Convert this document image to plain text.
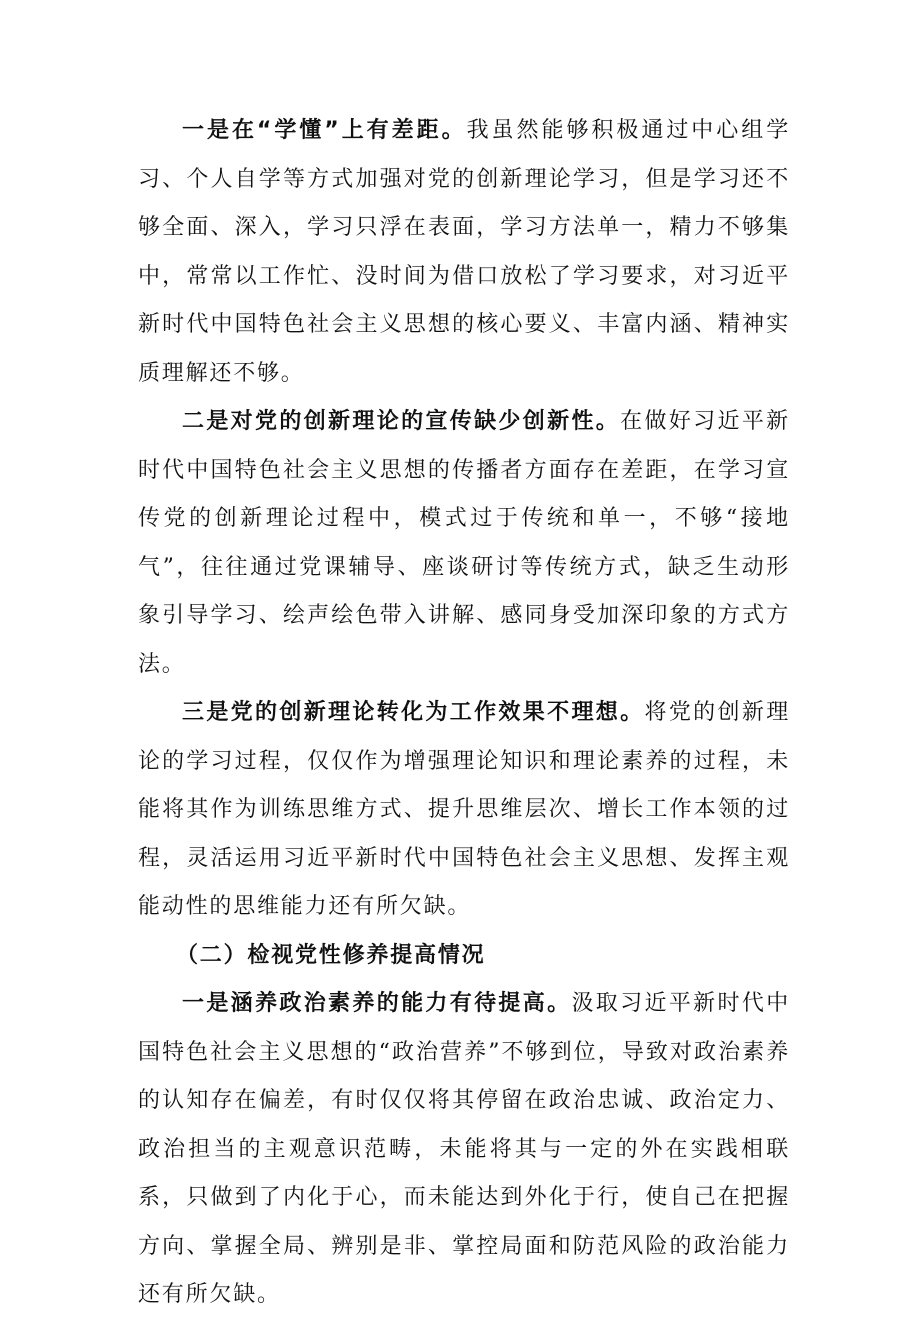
一是在“学懂”上有差距。我虽然能够积极通过中心组学习、个人自学等方式加强对党的创新理论学习，但是学习还不够全面、深入，学习只浮在表面，学习方法单一，精力不够集中，常常以工作忙、没时间为借口放松了学习要求，对习近平新时代中国特色社会主义思想的核心要义、丰富内涵、精神实质理解还不够。

二是对党的创新理论的宣传缺少创新性。在做好习近平新时代中国特色社会主义思想的传播者方面存在差距，在学习宣传党的创新理论过程中，模式过于传统和单一，不够“接地气”，往往通过党课辅导、座谈研讨等传统方式，缺乏生动形象引导学习、绘声绘色带入讲解、感同身受加深印象的方式方法。

三是党的创新理论转化为工作效果不理想。将党的创新理论的学习过程，仅仅作为增强理论知识和理论素养的过程，未能将其作为训练思维方式、提升思维层次、增长工作本领的过程，灵活运用习近平新时代中国特色社会主义思想、发挥主观能动性的思维能力还有所欠缺。

（二）检视党性修养提高情况

一是涵养政治素养的能力有待提高。汲取习近平新时代中国特色社会主义思想的“政治营养”不够到位，导致对政治素养的认知存在偏差，有时仅仅将其停留在政治忠诚、政治定力、政治担当的主观意识范畴，未能将其与一定的外在实践相联系，只做到了内化于心，而未能达到外化于行，使自己在把握方向、掌握全局、辨别是非、掌控局面和防范风险的政治能力还有所欠缺。
